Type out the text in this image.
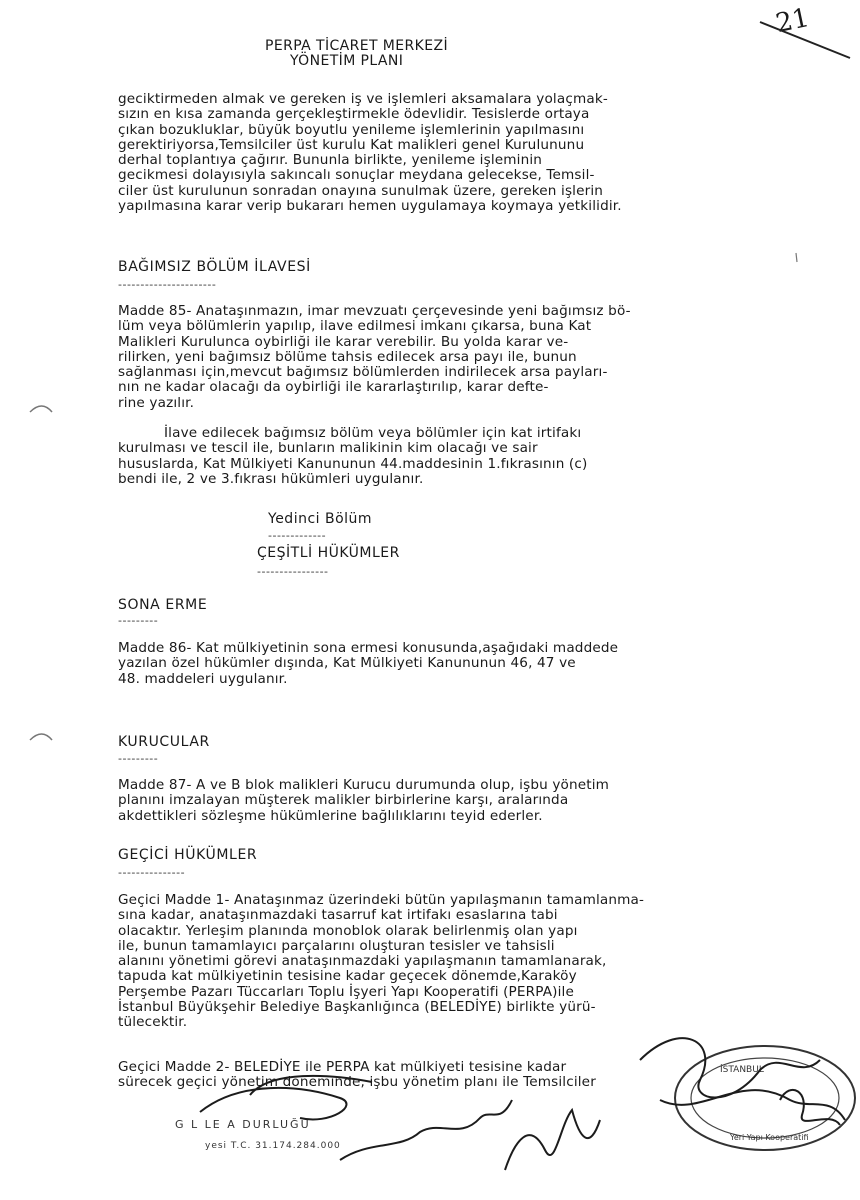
21
PERPA TİCARET MERKEZİ
YÖNETİM PLANI
geciktirmeden almak ve gereken iş ve işlemleri aksamalara yolaçmak-
sızın en kısa zamanda gerçekleştirmekle ödevlidir. Tesislerde ortaya
çıkan bozukluklar, büyük boyutlu yenileme işlemlerinin yapılmasını
gerektiriyorsa,Temsilciler üst kurulu Kat malikleri genel Kurulununu
derhal toplantıya çağırır. Bununla birlikte, yenileme işleminin
gecikmesi dolayısıyla sakıncalı sonuçlar meydana gelecekse, Temsil-
ciler üst kurulunun sonradan onayına sunulmak üzere, gereken işlerin
yapılmasına karar verip bukararı hemen uygulamaya koymaya yetkilidir.
BAĞIMSIZ BÖLÜM İLAVESİ
----------------------
Madde 85- Anataşınmazın, imar mevzuatı çerçevesinde yeni bağımsız bö-
lüm veya bölümlerin yapılıp, ilave edilmesi imkanı çıkarsa, buna Kat
Malikleri Kurulunca oybirliği ile karar verebilir. Bu yolda karar ve-
rilirken, yeni bağımsız bölüme tahsis edilecek arsa payı ile, bunun
sağlanması için,mevcut bağımsız bölümlerden indirilecek arsa payları-
nın ne kadar olacağı da oybirliği ile kararlaştırılıp, karar defte-
rine yazılır.
İlave edilecek bağımsız bölüm veya bölümler için kat irtifakı
kurulması ve tescil ile, bunların malikinin kim olacağı ve sair
hususlarda, Kat Mülkiyeti Kanununun 44.maddesinin 1.fıkrasının (c)
bendi ile, 2 ve 3.fıkrası hükümleri uygulanır.
Yedinci Bölüm
-------------
ÇEŞİTLİ HÜKÜMLER
----------------
SONA ERME
---------
Madde 86- Kat mülkiyetinin sona ermesi konusunda,aşağıdaki maddede
yazılan özel hükümler dışında, Kat Mülkiyeti Kanununun 46, 47 ve
48. maddeleri uygulanır.
KURUCULAR
---------
Madde 87- A ve B blok malikleri Kurucu durumunda olup, işbu yönetim
planını imzalayan müşterek malikler birbirlerine karşı, aralarında
akdettikleri sözleşme hükümlerine bağlılıklarını teyid ederler.
GEÇİCİ HÜKÜMLER
---------------
Geçici Madde 1- Anataşınmaz üzerindeki bütün yapılaşmanın tamamlanma-
sına kadar, anataşınmazdaki tasarruf kat irtifakı esaslarına tabi
olacaktır. Yerleşim planında monoblok olarak belirlenmiş olan yapı
ile, bunun tamamlayıcı parçalarını oluşturan tesisler ve tahsisli
alanını yönetimi görevi anataşınmazdaki yapılaşmanın tamamlanarak,
tapuda kat mülkiyetinin tesisine kadar geçecek dönemde,Karaköy
Perşembe Pazarı Tüccarları Toplu İşyeri Yapı Kooperatifi (PERPA)ile
İstanbul Büyükşehir Belediye Başkanlığınca (BELEDİYE) birlikte yürü-
tülecektir.
Geçici Madde 2- BELEDİYE ile PERPA kat mülkiyeti tesisine kadar
sürecek geçici yönetim döneminde, işbu yönetim planı ile Temsilciler
G L LE A DURLUĞU
yesi T.C. 31.174.284.000
İSTANBUL
Yeri Yapı Kooperatifi
